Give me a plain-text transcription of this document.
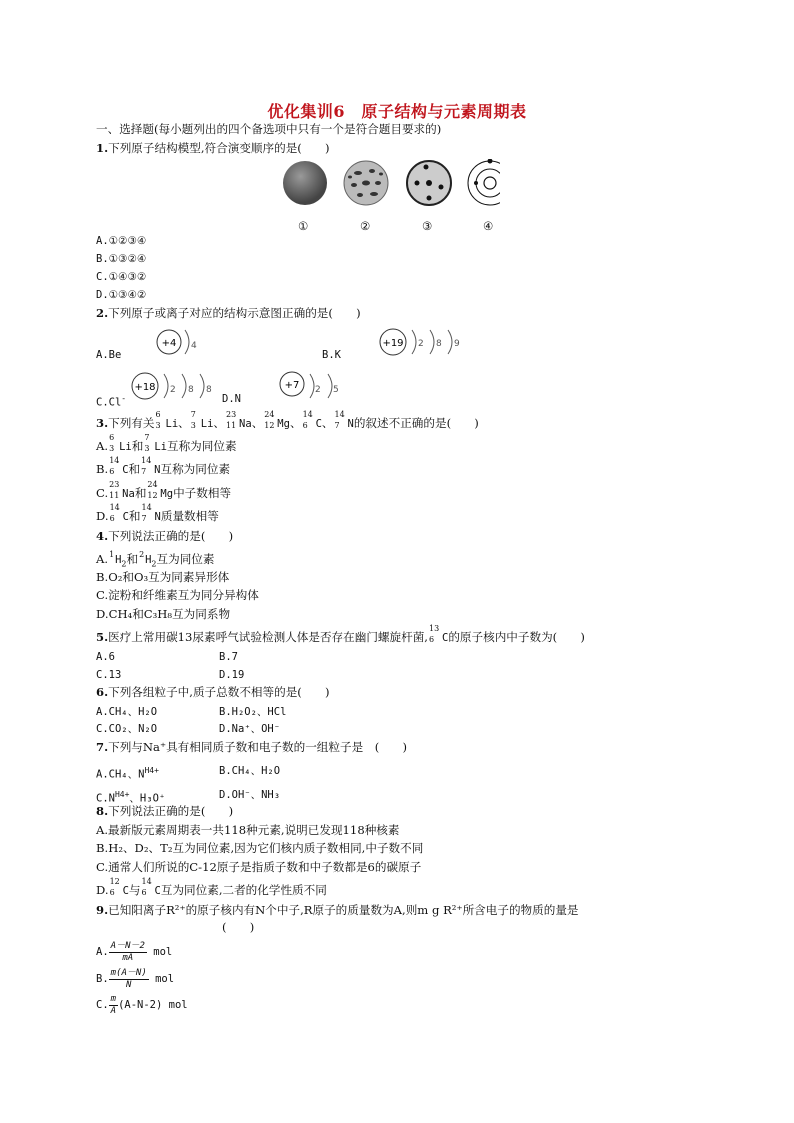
优化集训6　原子结构与元素周期表
一、选择题(每小题列出的四个备选项中只有一个是符合题目要求的)
1.下列原子结构模型,符合演变顺序的是(　　)
①	②	③	④
A.①②③④
B.①③②④
C.①④③②
D.①③④②
2.下列原子或离子对应的结构示意图正确的是(　　)
A.Be	B.K
C.Cl-	D.N
+4 4	+19 2 8 9
+18 2 8 8	+7 2 5
3.下列有关
6
3 Li、
7
3 Li、
23
11 Na、
24
12 Mg、
14
6 C、
14
7 N的叙述不正确的是(　　)
A.
6
3 Li和
7
3 Li互称为同位素
B.
14
6 C和
14
7 N互称为同位素
C.
23
11 Na和
24
12 Mg中子数相等
D.
14
6 C和
14
7 N质量数相等
4.下列说法正确的是(　　)
A. 1 $H_2$和 2 $H_2$互为同位素
B.O₂和O₃互为同素异形体
C.淀粉和纤维素互为同分异构体
D.CH₄和C₃H₈互为同系物
5.医疗上常用碳13尿素呼气试验检测人体是否存在幽门螺旋杆菌,
13
6 C的原子核内中子数为(　　)
A.6	B.7
C.13	D.19
6.下列各组粒子中,质子总数不相等的是(　　)
A.CH₄、H₂O	B.H₂O₂、HCl
C.CO₂、N₂O	D.Na⁺、OH⁻
7.下列与Na⁺具有相同质子数和电子数的一组粒子是　(　　)
A.CH₄、$N^{H4+}$	B.CH₄、H₂O
$C.N^{H4+}$、H₃O⁺	D.OH⁻、NH₃
8.下列说法正确的是(　　)
A.最新版元素周期表一共118种元素,说明已发现118种核素
B.H₂、D₂、T₂互为同位素,因为它们核内质子数相同,中子数不同
C.通常人们所说的C-12原子是指质子数和中子数都是6的碳原子
D.
12
6 C与
14
6 C互为同位素,二者的化学性质不同
9.已知阳离子R²⁺的原子核内有N个中子,R原子的质量数为A,则m g R²⁺所含电子的物质的量是
(　　)
A. $\frac{A-N-2}{mA}$ mol
B. $\frac{m(A-N)}{N}$ mol
C. $\frac{m}{A} (A-N-2)$ mol
